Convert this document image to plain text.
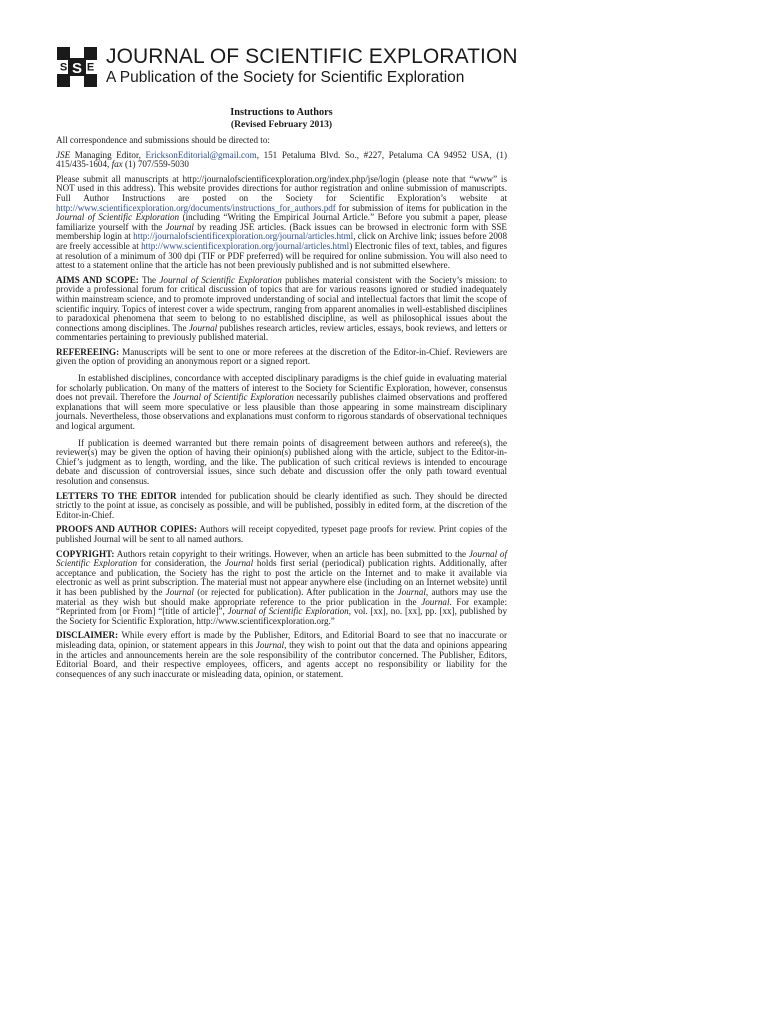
S S E JOURNAL OF SCIENTIFIC EXPLORATION
A Publication of the Society for Scientific Exploration
Instructions to Authors
(Revised February 2013)

All correspondence and submissions should be directed to:

JSE Managing Editor, EricksonEditorial@gmail.com, 151 Petaluma Blvd. So., #227, Petaluma CA 94952 USA, (1) 415/435-1604, fax (1) 707/559-5030

Please submit all manuscripts at http://journalofscientificexploration.org/index.php/jse/login (please note that “www” is NOT used in this address). This website provides directions for author registration and online submission of manuscripts. Full Author Instructions are posted on the Society for Scientific Exploration’s website at http://www.scientificexploration.org/documents/instructions_for_authors.pdf for submission of items for publication in the Journal of Scientific Exploration (including “Writing the Empirical Journal Article.” Before you submit a paper, please familiarize yourself with the Journal by reading JSE articles. (Back issues can be browsed in electronic form with SSE membership login at http://journalofscientificexploration.org/journal/articles.html, click on Archive link; issues before 2008 are freely accessible at http://www.scientificexploration.org/journal/articles.html) Electronic files of text, tables, and figures at resolution of a minimum of 300 dpi (TIF or PDF preferred) will be required for online submission. You will also need to attest to a statement online that the article has not been previously published and is not submitted elsewhere.

AIMS AND SCOPE: The Journal of Scientific Exploration publishes material consistent with the Society’s mission: to provide a professional forum for critical discussion of topics that are for various reasons ignored or studied inadequately within mainstream science, and to promote improved understanding of social and intellectual factors that limit the scope of scientific inquiry. Topics of interest cover a wide spectrum, ranging from apparent anomalies in well-established disciplines to paradoxical phenomena that seem to belong to no established discipline, as well as philosophical issues about the connections among disciplines. The Journal publishes research articles, review articles, essays, book reviews, and letters or commentaries pertaining to previously published material.

REFEREEING: Manuscripts will be sent to one or more referees at the discretion of the Editor-in-Chief. Reviewers are given the option of providing an anonymous report or a signed report.

In established disciplines, concordance with accepted disciplinary paradigms is the chief guide in evaluating material for scholarly publication. On many of the matters of interest to the Society for Scientific Exploration, however, consensus does not prevail. Therefore the Journal of Scientific Exploration necessarily publishes claimed observations and proffered explanations that will seem more speculative or less plausible than those appearing in some mainstream disciplinary journals. Nevertheless, those observations and explanations must conform to rigorous standards of observational techniques and logical argument.

If publication is deemed warranted but there remain points of disagreement between authors and referee(s), the reviewer(s) may be given the option of having their opinion(s) published along with the article, subject to the Editor-in-Chief’s judgment as to length, wording, and the like. The publication of such critical reviews is intended to encourage debate and discussion of controversial issues, since such debate and discussion offer the only path toward eventual resolution and consensus.

LETTERS TO THE EDITOR intended for publication should be clearly identified as such. They should be directed strictly to the point at issue, as concisely as possible, and will be published, possibly in edited form, at the discretion of the Editor-in-Chief.

PROOFS AND AUTHOR COPIES: Authors will receipt copyedited, typeset page proofs for review. Print copies of the published Journal will be sent to all named authors.

COPYRIGHT: Authors retain copyright to their writings. However, when an article has been submitted to the Journal of Scientific Exploration for consideration, the Journal holds first serial (periodical) publication rights. Additionally, after acceptance and publication, the Society has the right to post the article on the Internet and to make it available via electronic as well as print subscription. The material must not appear anywhere else (including on an Internet website) until it has been published by the Journal (or rejected for publication). After publication in the Journal, authors may use the material as they wish but should make appropriate reference to the prior publication in the Journal. For example: “Reprinted from [or From] “[title of article]”, Journal of Scientific Exploration, vol. [xx], no. [xx], pp. [xx], published by the Society for Scientific Exploration, http://www.scientificexploration.org.”

DISCLAIMER: While every effort is made by the Publisher, Editors, and Editorial Board to see that no inaccurate or misleading data, opinion, or statement appears in this Journal, they wish to point out that the data and opinions appearing in the articles and announcements herein are the sole responsibility of the contributor concerned. The Publisher, Editors, Editorial Board, and their respective employees, officers, and agents accept no responsibility or liability for the consequences of any such inaccurate or misleading data, opinion, or statement.
